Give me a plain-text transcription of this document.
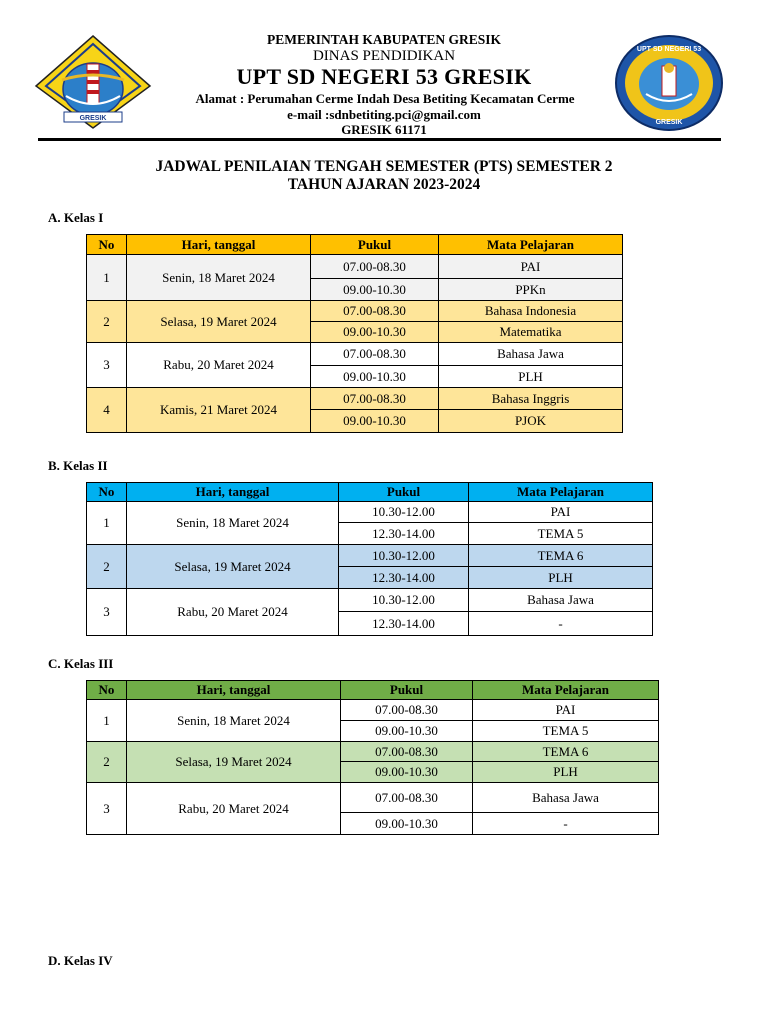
GRESIK
UPT SD NEGERI 53
GRESIK
PEMERINTAH KABUPATEN GRESIK
DINAS PENDIDIKAN
UPT SD NEGERI 53 GRESIK
Alamat : Perumahan Cerme Indah Desa Betiting Kecamatan Cerme
e-mail :sdnbetiting.pci@gmail.com
GRESIK 61171
JADWAL PENILAIAN TENGAH SEMESTER (PTS) SEMESTER 2
TAHUN AJARAN 2023-2024
A. Kelas I
No	Hari, tanggal	Pukul	Mata Pelajaran
1	Senin, 18 Maret 2024	07.00-08.30	PAI
		09.00-10.30	PPKn
2	Selasa, 19 Maret 2024	07.00-08.30	Bahasa Indonesia
		09.00-10.30	Matematika
3	Rabu, 20 Maret 2024	07.00-08.30	Bahasa Jawa
		09.00-10.30	PLH
4	Kamis, 21 Maret 2024	07.00-08.30	Bahasa Inggris
		09.00-10.30	PJOK
B. Kelas II
No	Hari, tanggal	Pukul	Mata Pelajaran
1	Senin, 18 Maret 2024	10.30-12.00	PAI
		12.30-14.00	TEMA 5
2	Selasa, 19 Maret 2024	10.30-12.00	TEMA 6
		12.30-14.00	PLH
3	Rabu, 20 Maret 2024	10.30-12.00	Bahasa Jawa
		12.30-14.00	-
C. Kelas III
No	Hari, tanggal	Pukul	Mata Pelajaran
1	Senin, 18 Maret 2024	07.00-08.30	PAI
		09.00-10.30	TEMA 5
2	Selasa, 19 Maret 2024	07.00-08.30	TEMA 6
		09.00-10.30	PLH
3	Rabu, 20 Maret 2024	07.00-08.30	Bahasa Jawa
		09.00-10.30	-
D. Kelas IV
